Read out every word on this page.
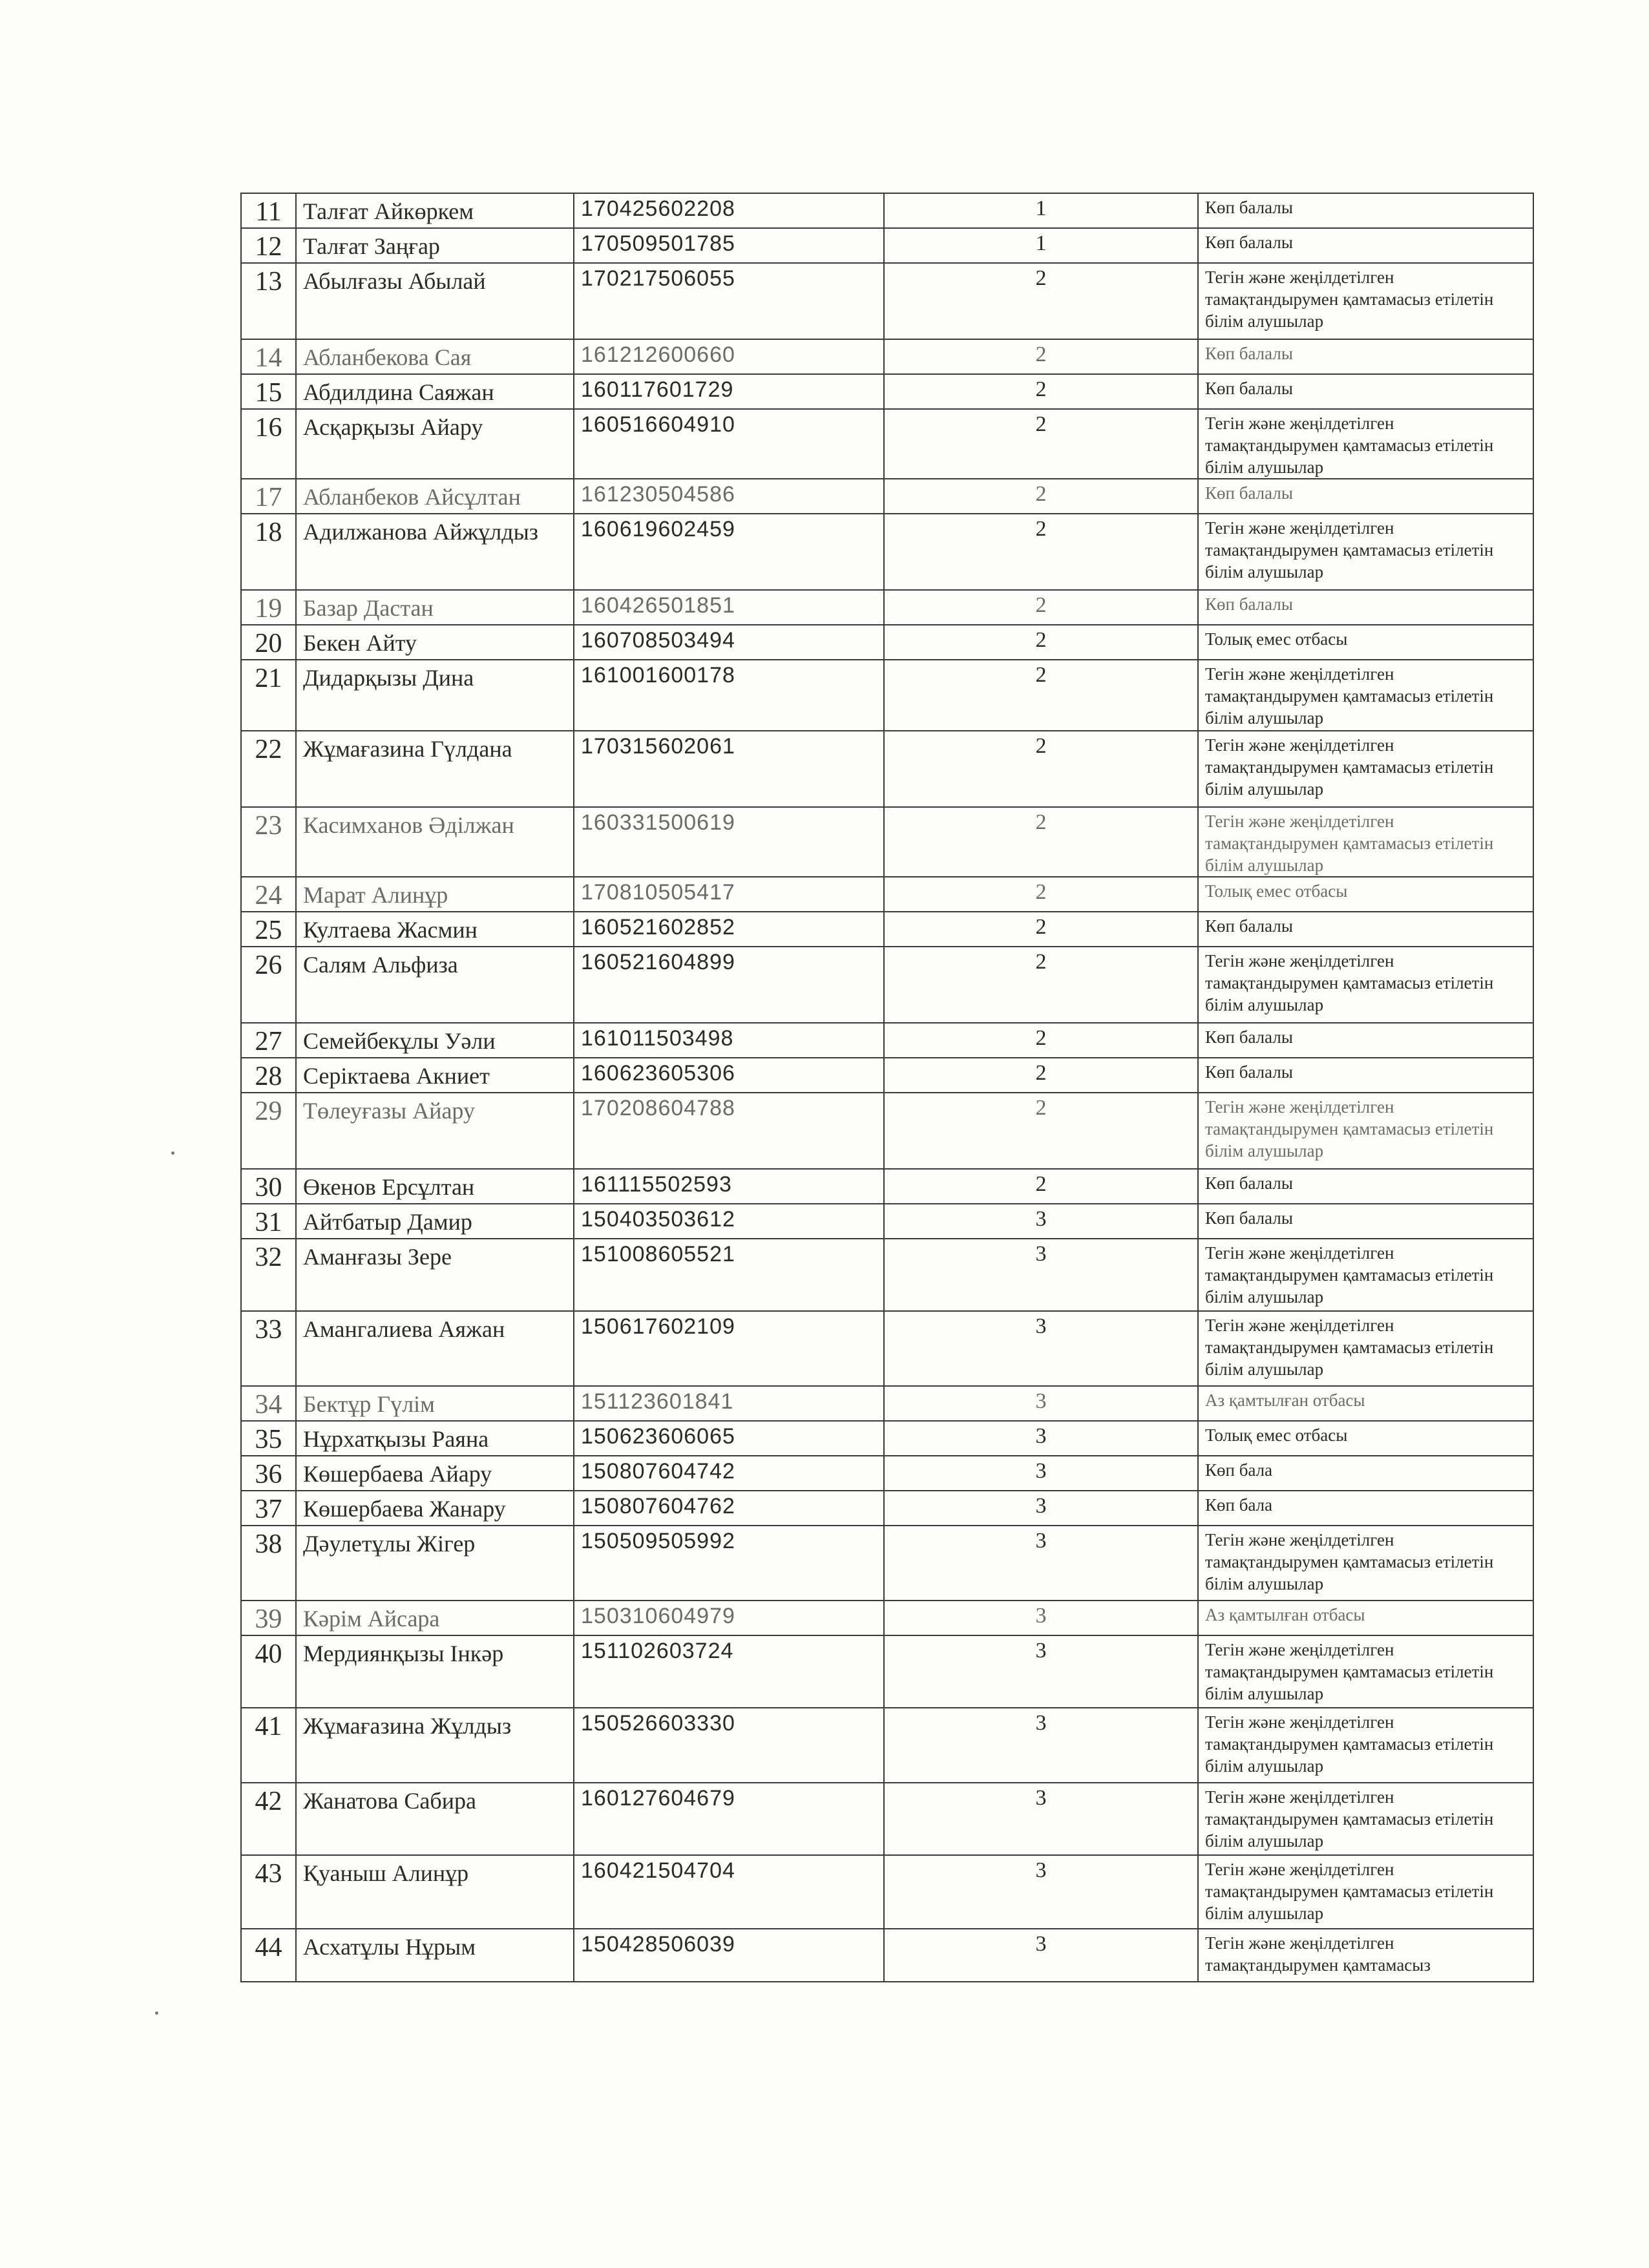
11	Талғат Айкөркем	170425602208	1	Көп балалы
12	Талғат Заңғар	170509501785	1	Көп балалы
13	Абылғазы Абылай	170217506055	2	Тегін және жеңілдетілген тамақтандырумен қамтамасыз етілетін білім алушылар
14	Абланбекова Сая	161212600660	2	Көп балалы
15	Абдилдина Саяжан	160117601729	2	Көп балалы
16	Асқарқызы Айару	160516604910	2	Тегін және жеңілдетілген тамақтандырумен қамтамасыз етілетін білім алушылар
17	Абланбеков Айсұлтан	161230504586	2	Көп балалы
18	Адилжанова Айжұлдыз	160619602459	2	Тегін және жеңілдетілген тамақтандырумен қамтамасыз етілетін білім алушылар
19	Базар Дастан	160426501851	2	Көп балалы
20	Бекен Айту	160708503494	2	Толық емес отбасы
21	Дидарқызы Дина	161001600178	2	Тегін және жеңілдетілген тамақтандырумен қамтамасыз етілетін білім алушылар
22	Жұмағазина Гүлдана	170315602061	2	Тегін және жеңілдетілген тамақтандырумен қамтамасыз етілетін білім алушылар
23	Касимханов Әділжан	160331500619	2	Тегін және жеңілдетілген тамақтандырумен қамтамасыз етілетін білім алушылар
24	Марат Алинұр	170810505417	2	Толық емес отбасы
25	Култаева Жасмин	160521602852	2	Көп балалы
26	Салям Альфиза	160521604899	2	Тегін және жеңілдетілген тамақтандырумен қамтамасыз етілетін білім алушылар
27	Семейбекұлы Уәли	161011503498	2	Көп балалы
28	Серіктаева Акниет	160623605306	2	Көп балалы
29	Төлеуғазы Айару	170208604788	2	Тегін және жеңілдетілген тамақтандырумен қамтамасыз етілетін білім алушылар
30	Өкенов Ерсұлтан	161115502593	2	Көп балалы
31	Айтбатыр Дамир	150403503612	3	Көп балалы
32	Аманғазы Зере	151008605521	3	Тегін және жеңілдетілген тамақтандырумен қамтамасыз етілетін білім алушылар
33	Амангалиева Аяжан	150617602109	3	Тегін және жеңілдетілген тамақтандырумен қамтамасыз етілетін білім алушылар
34	Бектұр Гүлім	151123601841	3	Аз қамтылған отбасы
35	Нұрхатқызы Раяна	150623606065	3	Толық емес отбасы
36	Көшербаева Айару	150807604742	3	Көп бала
37	Көшербаева Жанару	150807604762	3	Көп бала
38	Дәулетұлы Жігер	150509505992	3	Тегін және жеңілдетілген тамақтандырумен қамтамасыз етілетін білім алушылар
39	Кәрім Айсара	150310604979	3	Аз қамтылған отбасы
40	Мердиянқызы Інкәр	151102603724	3	Тегін және жеңілдетілген тамақтандырумен қамтамасыз етілетін білім алушылар
41	Жұмағазина Жұлдыз	150526603330	3	Тегін және жеңілдетілген тамақтандырумен қамтамасыз етілетін білім алушылар
42	Жанатова Сабира	160127604679	3	Тегін және жеңілдетілген тамақтандырумен қамтамасыз етілетін білім алушылар
43	Қуаныш Алинұр	160421504704	3	Тегін және жеңілдетілген тамақтандырумен қамтамасыз етілетін білім алушылар
44	Асхатұлы Нұрым	150428506039	3	Тегін және жеңілдетілген тамақтандырумен қамтамасыз
